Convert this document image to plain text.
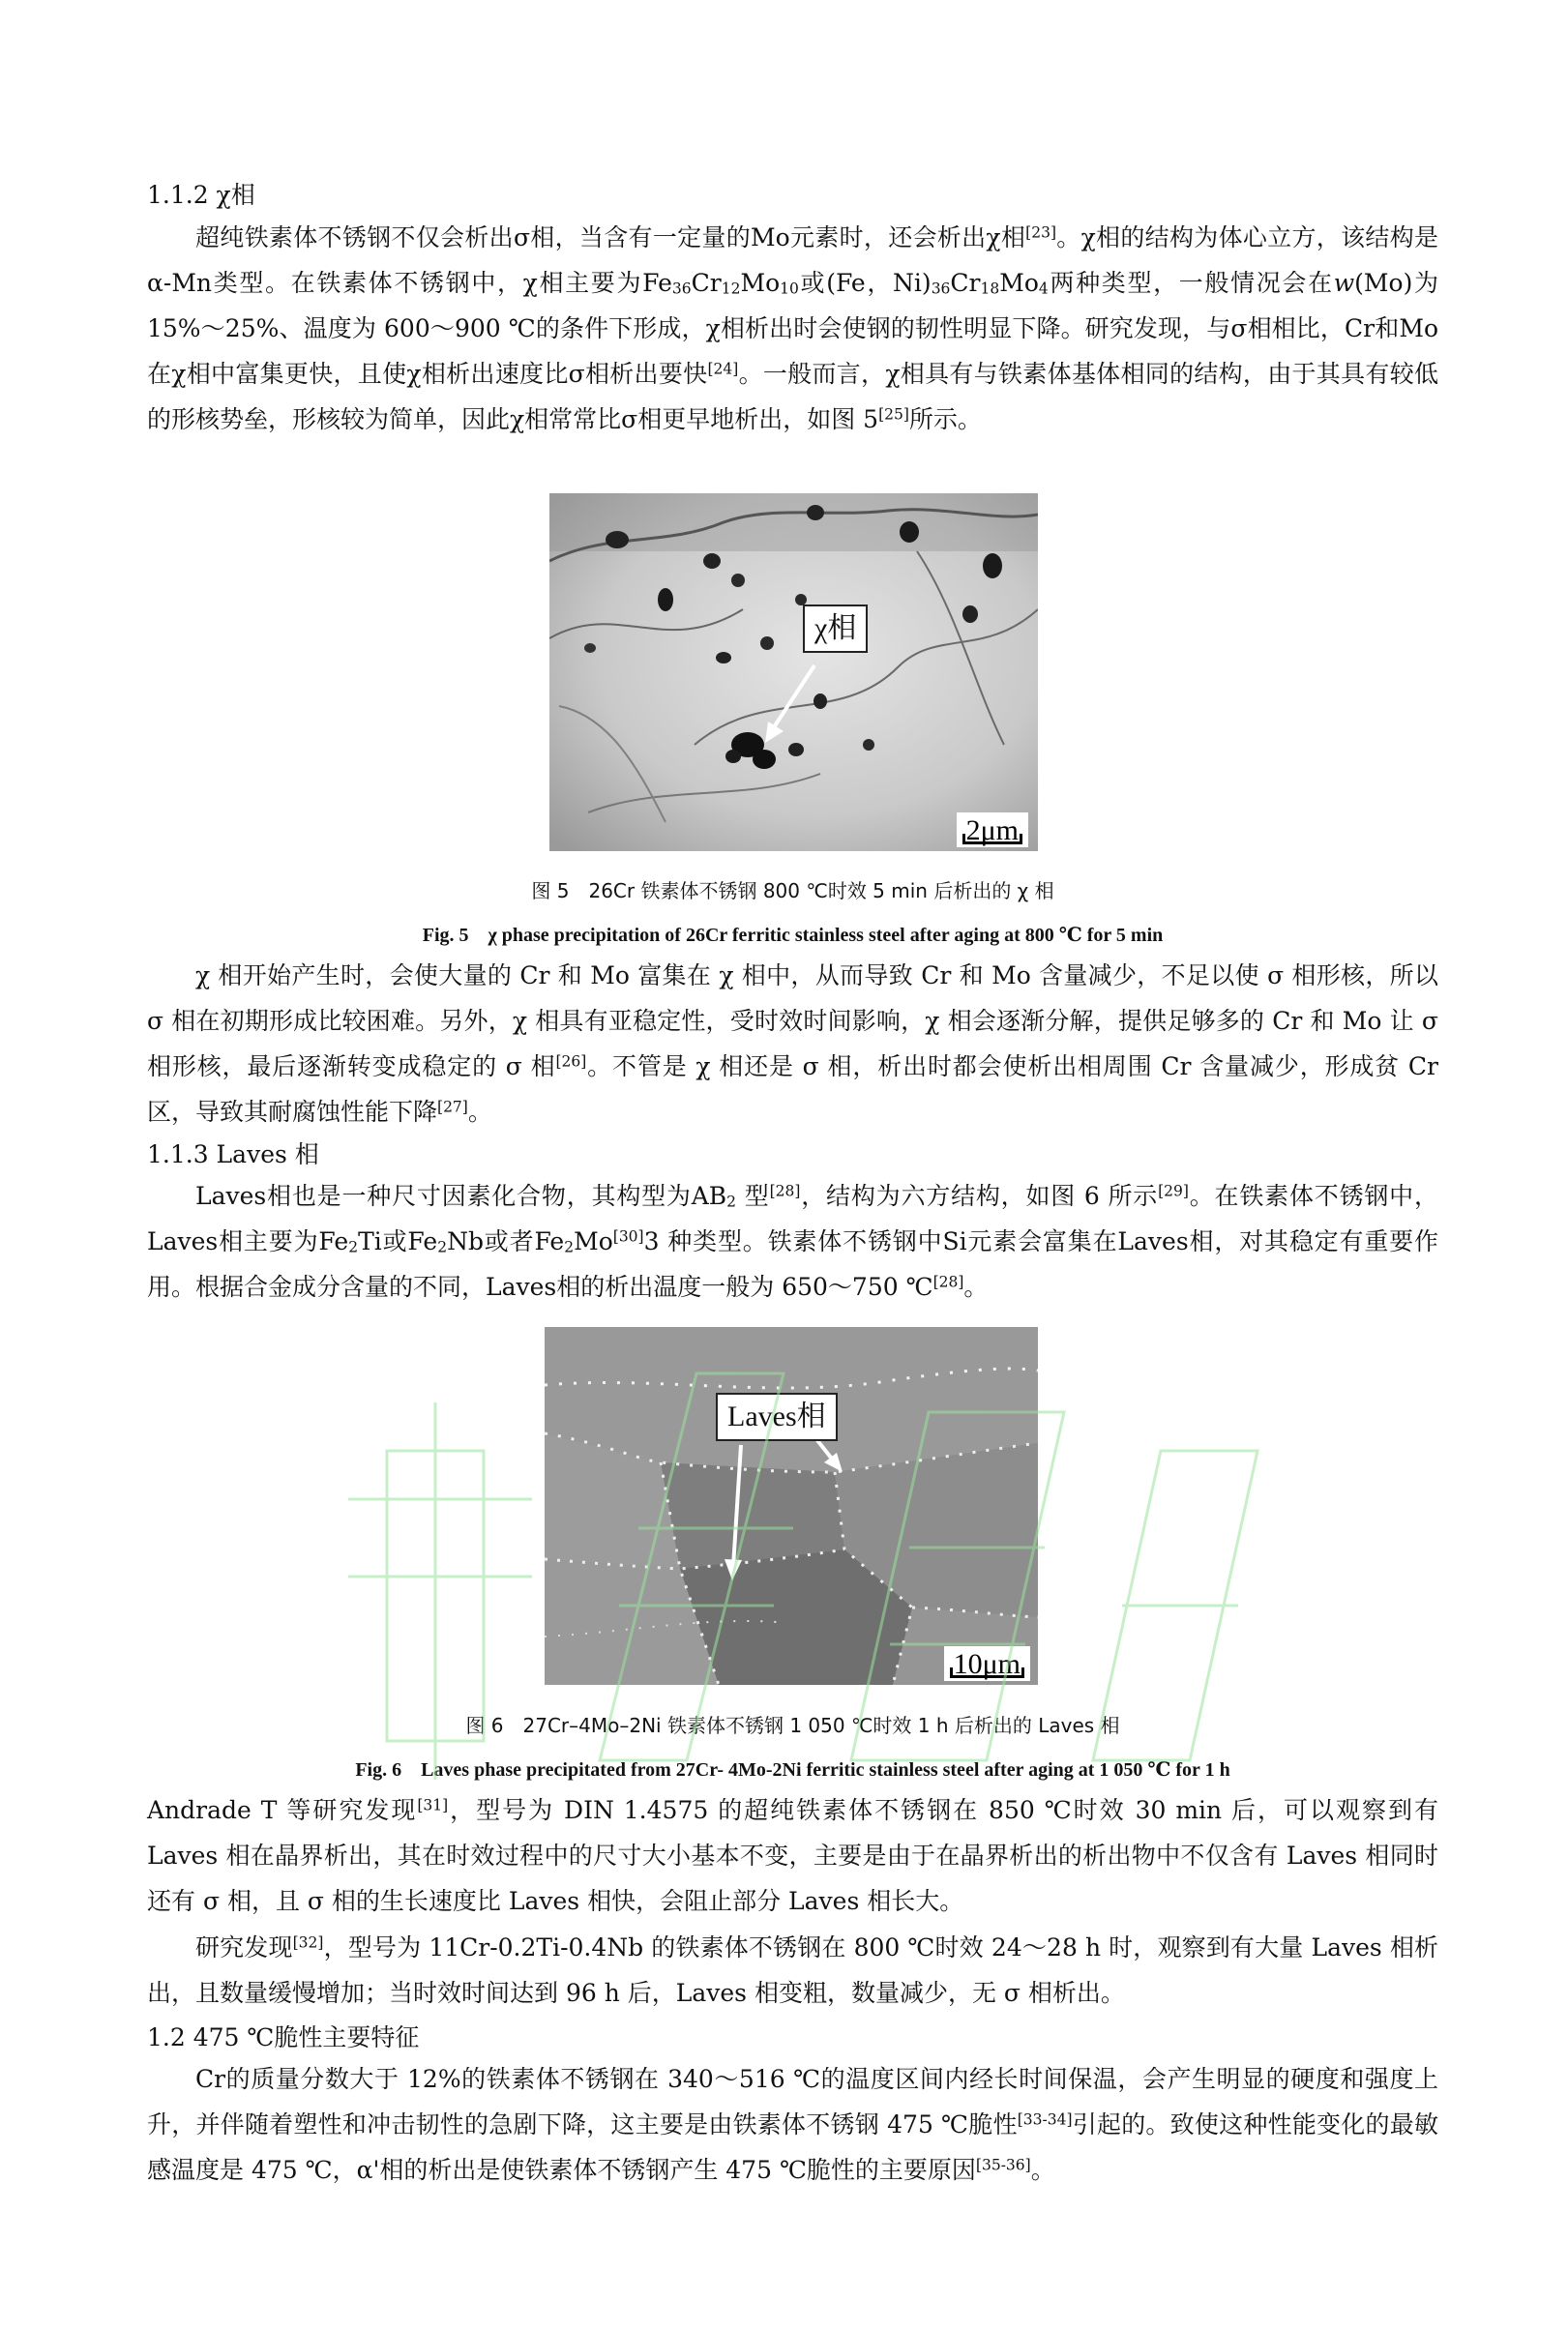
1.1.2 χ相

超纯铁素体不锈钢不仅会析出σ相，当含有一定量的Mo元素时，还会析出χ相[23]。χ相的结构为体心立方，该结构是α-Mn类型。在铁素体不锈钢中，χ相主要为$Fe_{36}Cr_{12}Mo_{10}$或(Fe，$Ni)_{36}Cr_{18}Mo_4$两种类型，一般情况会在w(Mo)为 15%～25%、温度为 600～900 ℃的条件下形成，χ相析出时会使钢的韧性明显下降。研究发现，与σ相相比，Cr和Mo在χ相中富集更快，且使χ相析出速度比σ相析出要快[24]。一般而言，χ相具有与铁素体基体相同的结构，由于其具有较低的形核势垒，形核较为简单，因此χ相常常比σ相更早地析出，如图 5[25]所示。

χ相
2μm

图 5　26Cr 铁素体不锈钢 800 ℃时效 5 min 后析出的 χ 相

Fig. 5　χ phase precipitation of 26Cr ferritic stainless steel after aging at 800 ℃ for 5 min

χ 相开始产生时，会使大量的 Cr 和 Mo 富集在 χ 相中，从而导致 Cr 和 Mo 含量减少，不足以使 σ 相形核，所以 σ 相在初期形成比较困难。另外，χ 相具有亚稳定性，受时效时间影响，χ 相会逐渐分解，提供足够多的 Cr 和 Mo 让 σ 相形核，最后逐渐转变成稳定的 σ 相[26]。不管是 χ 相还是 σ 相，析出时都会使析出相周围 Cr 含量减少，形成贫 Cr 区，导致其耐腐蚀性能下降[27]。

1.1.3 Laves 相

Laves相也是一种尺寸因素化合物，其构型为$AB_2$ 型[28]，结构为六方结构，如图 6 所示[29]。在铁素体不锈钢中，Laves相主要为$Fe_2Ti$或$Fe_2Nb$或者$Fe_2Mo[30]3$ 种类型。铁素体不锈钢中Si元素会富集在Laves相，对其稳定有重要作用。根据合金成分含量的不同，Laves相的析出温度一般为 650～750 ℃[28]。

Laves相
10μm

图 6　27Cr–4Mo–2Ni 铁素体不锈钢 1 050 ℃时效 1 h 后析出的 Laves 相

Fig. 6　Laves phase precipitated from 27Cr- 4Mo-2Ni ferritic stainless steel after aging at 1 050 ℃ for 1 h

Andrade T 等研究发现[31]，型号为 DIN 1.4575 的超纯铁素体不锈钢在 850 ℃时效 30 min 后，可以观察到有 Laves 相在晶界析出，其在时效过程中的尺寸大小基本不变，主要是由于在晶界析出的析出物中不仅含有 Laves 相同时还有 σ 相，且 σ 相的生长速度比 Laves 相快，会阻止部分 Laves 相长大。

研究发现[32]，型号为 11Cr-0.2Ti-0.4Nb 的铁素体不锈钢在 800 ℃时效 24～28 h 时，观察到有大量 Laves 相析出，且数量缓慢增加；当时效时间达到 96 h 后，Laves 相变粗，数量减少，无 σ 相析出。

1.2 475 ℃脆性主要特征

Cr的质量分数大于 12%的铁素体不锈钢在 340～516 ℃的温度区间内经长时间保温，会产生明显的硬度和强度上升，并伴随着塑性和冲击韧性的急剧下降，这主要是由铁素体不锈钢 475 ℃脆性[33-34]引起的。致使这种性能变化的最敏感温度是 475 ℃，α'相的析出是使铁素体不锈钢产生 475 ℃脆性的主要原因[35-36]。
